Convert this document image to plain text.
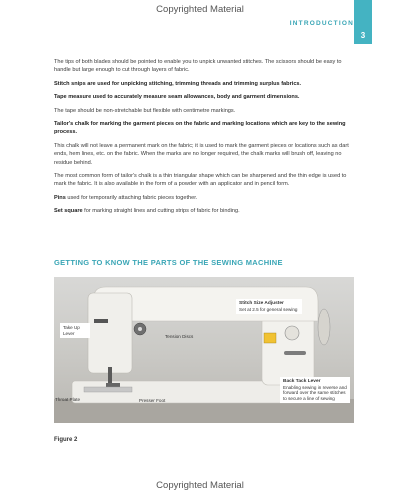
Copyrighted Material
INTRODUCTION
3

The tips of both blades should be pointed to enable you to unpick unwanted stitches. The scissors should be easy to handle but large enough to cut through layers of fabric.

Stitch snips are used for unpicking stitching, trimming threads and trimming surplus fabrics.

Tape measure used to accurately measure seam allowances, body and garment dimensions.

The tape should be non-stretchable but flexible with centimetre markings.

Tailor's chalk for marking the garment pieces on the fabric and marking locations which are key to the sewing process.

This chalk will not leave a permanent mark on the fabric; it is used to mark the garment pieces or locations such as dart ends, hem lines, etc. on the fabric. When the marks are no longer required, the chalk marks will brush off, leaving no residue behind.

The most common form of tailor's chalk is a thin triangular shape which can be sharpened and the thin edge is used to mark the fabric. It is also available in the form of a powder with an applicator and in pencil form.

Pins used for temporarily attaching fabric pieces together.

Set square for marking straight lines and cutting strips of fabric for binding.

GETTING TO KNOW THE PARTS OF THE SEWING MACHINE
Stitch Size Adjuster
Set at 2.5 for general sewing
Take Up Lever
Tension Discs
Back Tack Lever
Enabling sewing in reverse and forward over the same stitches to secure a line of sewing
Throat Plate	Presser Foot
Figure 2
Copyrighted Material
